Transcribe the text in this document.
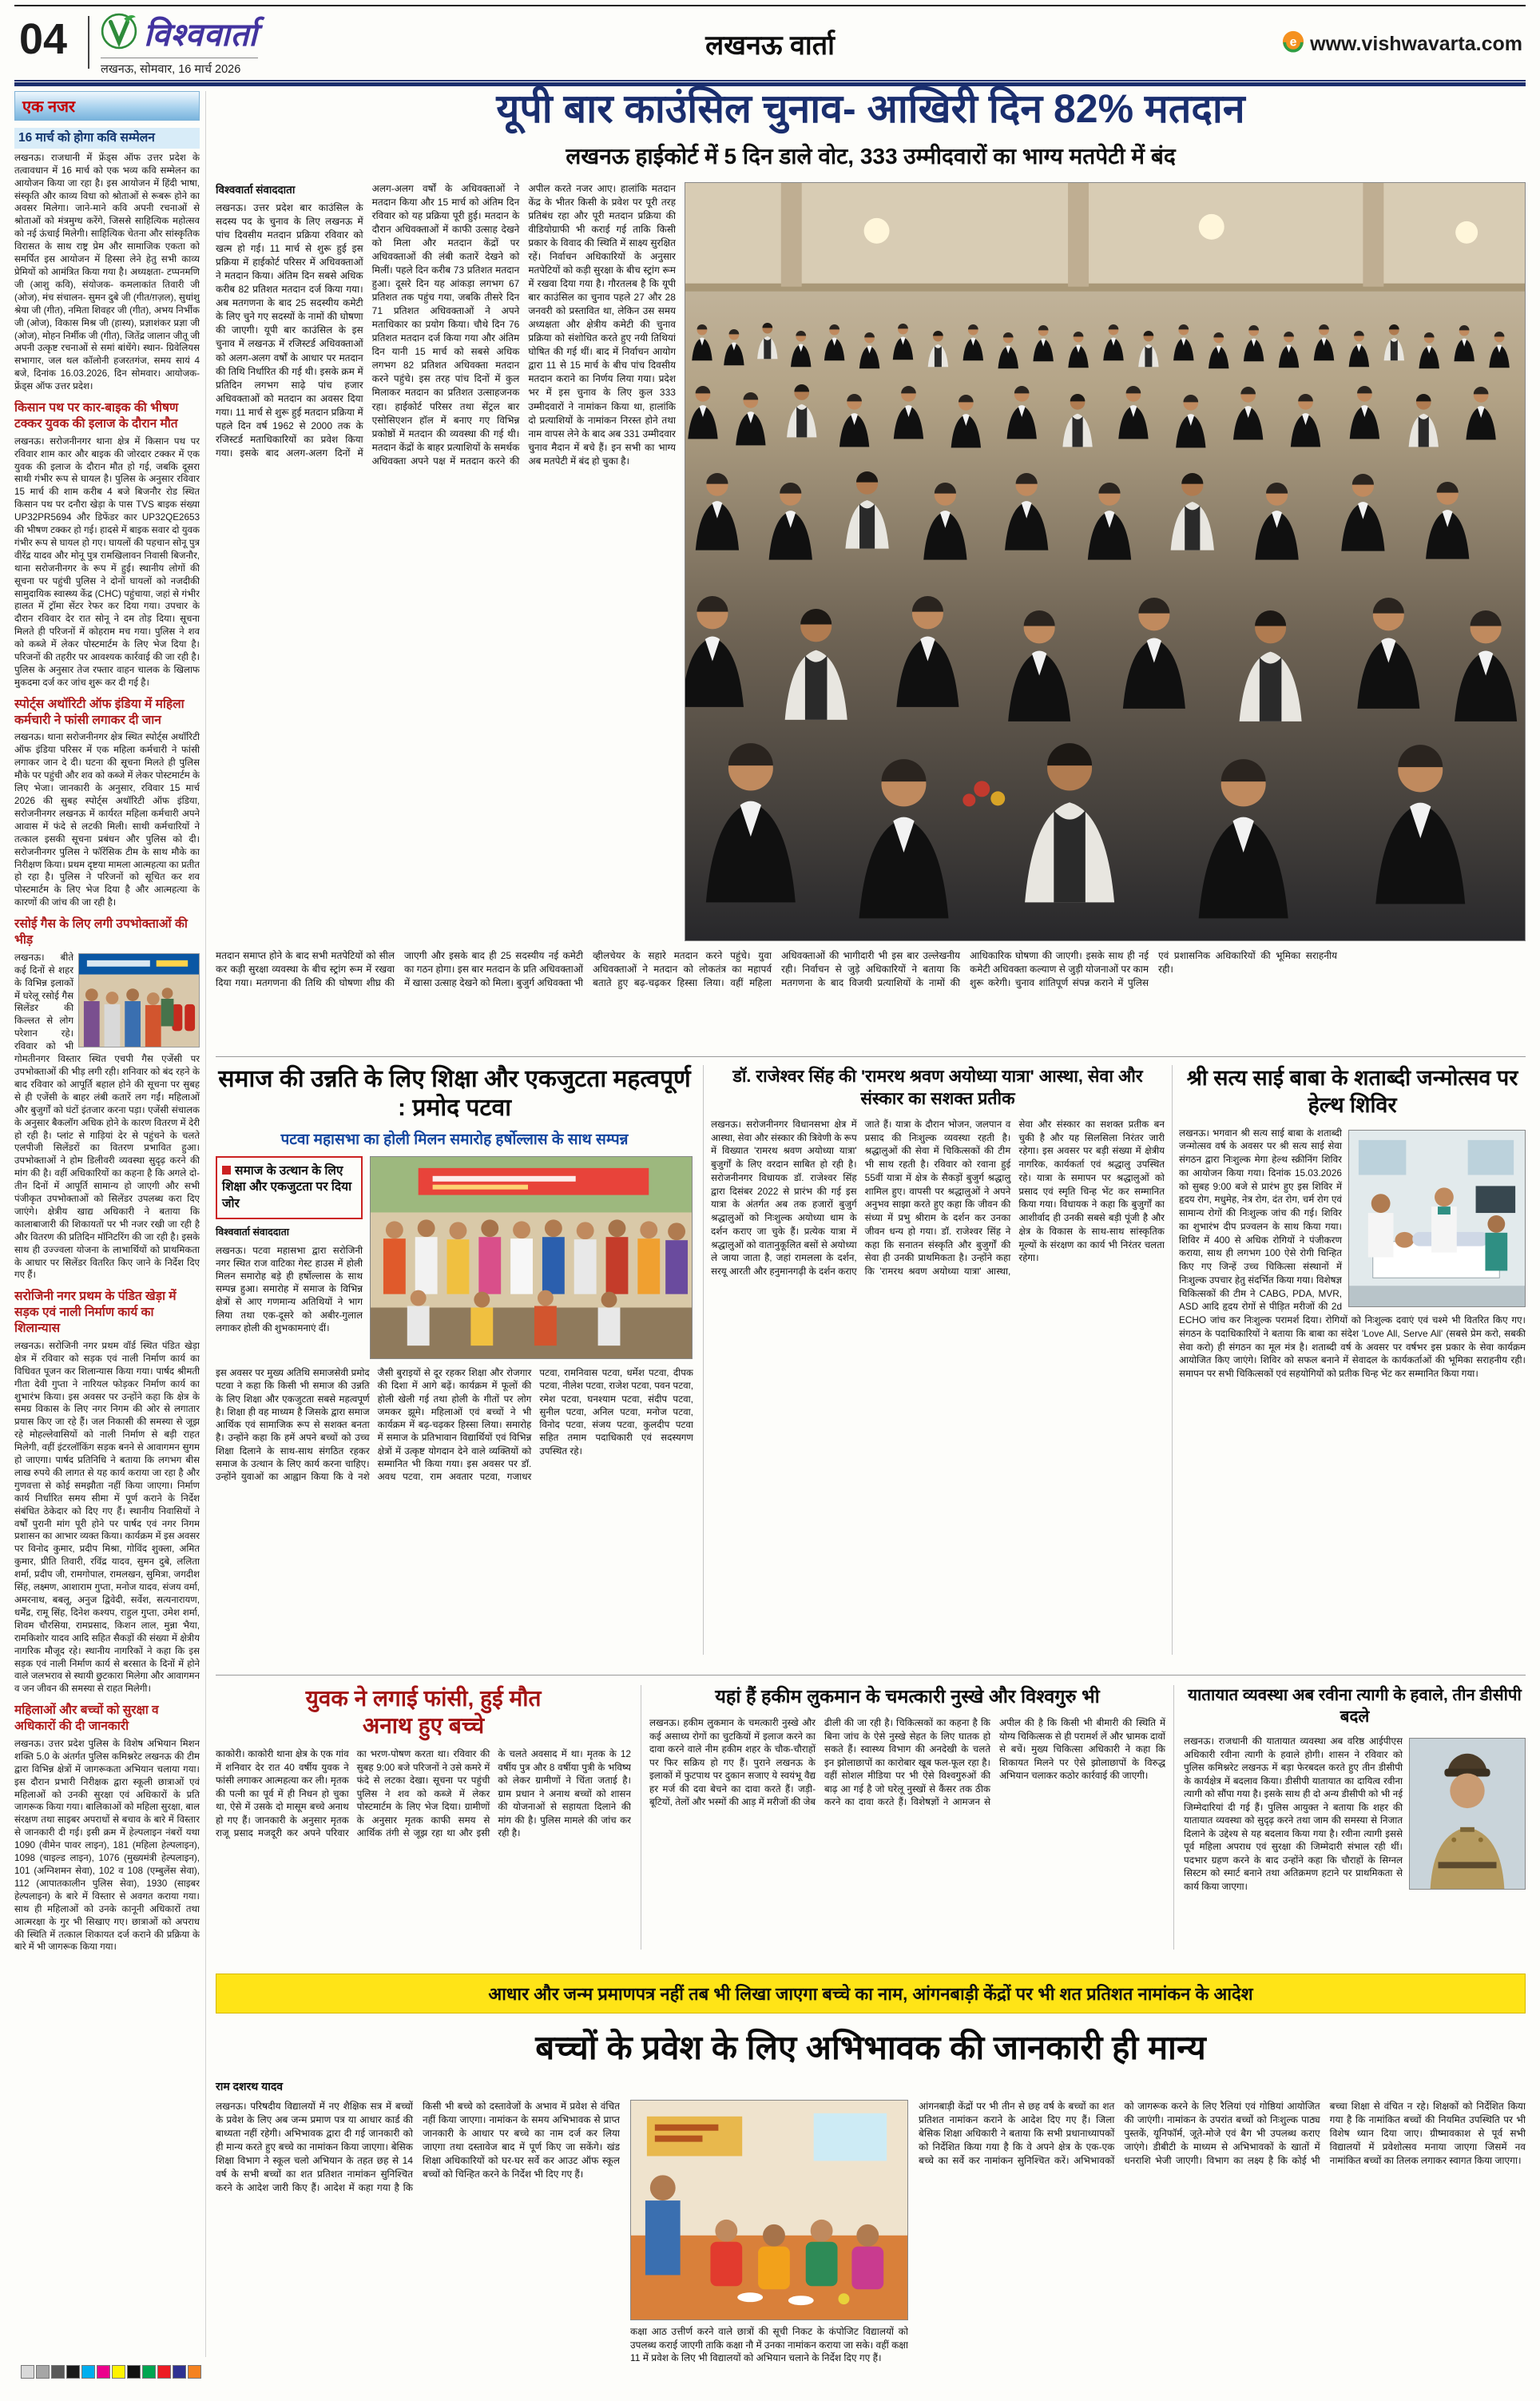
04 विश्ववार्ता
लखनऊ, सोमवार, 16 मार्च 2026
लखनऊ वार्ता	e www.vishwavarta.com
एक नजर
16 मार्च को होगा कवि सम्मेलन
लखनऊ। राजधानी में फ्रेंड्स ऑफ उत्तर प्रदेश के तत्वावधान में 16 मार्च को एक भव्य कवि सम्मेलन का आयोजन किया जा रहा है। इस आयोजन में हिंदी भाषा, संस्कृति और काव्य विधा को श्रोताओं से रूबरू होने का अवसर मिलेगा। जाने-माने कवि अपनी रचनाओं से श्रोताओं को मंत्रमुग्ध करेंगे, जिससे साहित्यिक महोत्सव को नई ऊंचाई मिलेगी। साहित्यिक चेतना और सांस्कृतिक विरासत के साथ राष्ट्र प्रेम और सामाजिक एकता को समर्पित इस आयोजन में हिस्सा लेने हेतु सभी काव्य प्रेमियों को आमंत्रित किया गया है। अध्यक्षता- टप्पनमणि जी (आशु कवि), संयोजक- कमलाकांत तिवारी जी (ओज), मंच संचालन- सुमन दुबे जी (गीत/ग़ज़ल), सुधांशु श्रेया जी (गीत), नमिता शिवहर जी (गीत), अभय निर्भीक जी (ओज), विकास मिश्र जी (हास्य), प्रज्ञाशंकर प्रज्ञा जी (ओज), मोहन निर्मीक जी (गीत), जितेंद्र जालान जीतू जी अपनी उत्कृष्ट रचनाओं से समां बांधेंगे। स्थान- ग्रिवेलियस सभागार, जल थल कॉलोनी हजरतगंज, समय सायं 4 बजे, दिनांक 16.03.2026, दिन सोमवार। आयोजक- फ्रेंड्स ऑफ उत्तर प्रदेश।
किसान पथ पर कार-बाइक की भीषण टक्कर युवक की इलाज के दौरान मौत
लखनऊ। सरोजनीनगर थाना क्षेत्र में किसान पथ पर रविवार शाम कार और बाइक की जोरदार टक्कर में एक युवक की इलाज के दौरान मौत हो गई, जबकि दूसरा साथी गंभीर रूप से घायल है। पुलिस के अनुसार रविवार 15 मार्च की शाम करीब 4 बजे बिजनौर रोड स्थित किसान पथ पर दनौरा खेड़ा के पास TVS बाइक संख्या UP32PR5694 और डिफेंडर कार UP32QE2653 की भीषण टक्कर हो गई। हादसे में बाइक सवार दो युवक गंभीर रूप से घायल हो गए। घायलों की पहचान सोनू पुत्र वीरेंद्र यादव और मोनू पुत्र रामखिलावन निवासी बिजनौर, थाना सरोजनीनगर के रूप में हुई। स्थानीय लोगों की सूचना पर पहुंची पुलिस ने दोनों घायलों को नजदीकी सामुदायिक स्वास्थ्य केंद्र (CHC) पहुंचाया, जहां से गंभीर हालत में ट्रॉमा सेंटर रेफर कर दिया गया। उपचार के दौरान रविवार देर रात सोनू ने दम तोड़ दिया। सूचना मिलते ही परिजनों में कोहराम मच गया। पुलिस ने शव को कब्जे में लेकर पोस्टमार्टम के लिए भेज दिया है। परिजनों की तहरीर पर आवश्यक कार्रवाई की जा रही है। पुलिस के अनुसार तेज रफ्तार वाहन चालक के खिलाफ मुकदमा दर्ज कर जांच शुरू कर दी गई है।
स्पोर्ट्स अथॉरिटी ऑफ इंडिया में महिला कर्मचारी ने फांसी लगाकर दी जान
लखनऊ। थाना सरोजनीनगर क्षेत्र स्थित स्पोर्ट्स अथॉरिटी ऑफ इंडिया परिसर में एक महिला कर्मचारी ने फांसी लगाकर जान दे दी। घटना की सूचना मिलते ही पुलिस मौके पर पहुंची और शव को कब्जे में लेकर पोस्टमार्टम के लिए भेजा। जानकारी के अनुसार, रविवार 15 मार्च 2026 की सुबह स्पोर्ट्स अथॉरिटी ऑफ इंडिया, सरोजनीनगर लखनऊ में कार्यरत महिला कर्मचारी अपने आवास में फंदे से लटकी मिली। साथी कर्मचारियों ने तत्काल इसकी सूचना प्रबंधन और पुलिस को दी। सरोजनीनगर पुलिस ने फॉरेंसिक टीम के साथ मौके का निरीक्षण किया। प्रथम दृष्टया मामला आत्महत्या का प्रतीत हो रहा है। पुलिस ने परिजनों को सूचित कर शव पोस्टमार्टम के लिए भेज दिया है और आत्महत्या के कारणों की जांच की जा रही है।
रसोई गैस के लिए लगी उपभोक्ताओं की भीड़
लखनऊ। बीते कई दिनों से शहर के विभिन्न इलाकों में घरेलू रसोई गैस सिलेंडर की किल्लत से लोग परेशान रहे। रविवार को भी गोमतीनगर विस्तार स्थित एचपी गैस एजेंसी पर उपभोक्ताओं की भीड़ लगी रही। शनिवार को बंद रहने के बाद रविवार को आपूर्ति बहाल होने की सूचना पर सुबह से ही एजेंसी के बाहर लंबी कतारें लग गईं। महिलाओं और बुजुर्गों को घंटों इंतजार करना पड़ा। एजेंसी संचालक के अनुसार बैकलॉग अधिक होने के कारण वितरण में देरी हो रही है। प्लांट से गाड़ियां देर से पहुंचने के चलते एलपीजी सिलेंडरों का वितरण प्रभावित हुआ। उपभोक्ताओं ने होम डिलीवरी व्यवस्था सुदृढ़ करने की मांग की है। वहीं अधिकारियों का कहना है कि अगले दो-तीन दिनों में आपूर्ति सामान्य हो जाएगी और सभी पंजीकृत उपभोक्ताओं को सिलेंडर उपलब्ध करा दिए जाएंगे। क्षेत्रीय खाद्य अधिकारी ने बताया कि कालाबाजारी की शिकायतों पर भी नजर रखी जा रही है और वितरण की प्रतिदिन मॉनिटरिंग की जा रही है। इसके साथ ही उज्ज्व‍ला योजना के लाभार्थियों को प्राथमिकता के आधार पर सिलेंडर वितरित किए जाने के निर्देश दिए गए हैं।
सरोजिनी नगर प्रथम के पंडित खेड़ा में सड़क एवं नाली निर्माण कार्य का शिलान्यास
लखनऊ। सरोजिनी नगर प्रथम वॉर्ड स्थित पंडित खेड़ा क्षेत्र में रविवार को सड़क एवं नाली निर्माण कार्य का विधिवत पूजन कर शिलान्यास किया गया। पार्षद श्रीमती गीता देवी गुप्ता ने नारियल फोड़कर निर्माण कार्य का शुभारंभ किया। इस अवसर पर उन्होंने कहा कि क्षेत्र के समग्र विकास के लिए नगर निगम की ओर से लगातार प्रयास किए जा रहे हैं। जल निकासी की समस्या से जूझ रहे मोहल्लेवासियों को नाली निर्माण से बड़ी राहत मिलेगी, वहीं इंटरलॉकिंग सड़क बनने से आवागमन सुगम हो जाएगा। पार्षद प्रतिनिधि ने बताया कि लगभग बीस लाख रुपये की लागत से यह कार्य कराया जा रहा है और गुणवत्ता से कोई समझौता नहीं किया जाएगा। निर्माण कार्य निर्धारित समय सीमा में पूर्ण कराने के निर्देश संबंधित ठेकेदार को दिए गए हैं। स्थानीय निवासियों ने वर्षों पुरानी मांग पूरी होने पर पार्षद एवं नगर निगम प्रशासन का आभार व्यक्त किया। कार्यक्रम में इस अवसर पर विनोद कुमार, प्रदीप मिश्रा, गोविंद शुक्ला, अमित कुमार, प्रीति तिवारी, रविंद्र यादव, सुमन दुबे, ललिता शर्मा, प्रदीप जी, रामगोपाल, रामलखन, सुमित्रा, जगदीश सिंह, लक्ष्मण, आशाराम गुप्ता, मनोज यादव, संजय वर्मा, अमरनाथ, बबलू, अनुज द्विवेदी, सर्वेश, सत्यनारायण, धर्मेंद्र, रामू सिंह, दिनेश कश्यप, राहुल गुप्ता, उमेश शर्मा, शिवम चौरसिया, रामप्रसाद, किशन लाल, मुन्ना भैया, रामकिशोर यादव आदि सहित सैकड़ों की संख्या में क्षेत्रीय नागरिक मौजूद रहे। स्थानीय नागरिकों ने कहा कि इस सड़क एवं नाली निर्माण कार्य से बरसात के दिनों में होने वाले जलभराव से स्थायी छुटकारा मिलेगा और आवागमन व जन जीवन की समस्या से राहत मिलेगी।
महिलाओं और बच्चों को सुरक्षा व अधिकारों की दी जानकारी
लखनऊ। उत्तर प्रदेश पुलिस के विशेष अभियान मिशन शक्ति 5.0 के अंतर्गत पुलिस कमिश्नरेट लखनऊ की टीम द्वारा विभिन्न क्षेत्रों में जागरूकता अभियान चलाया गया। इस दौरान प्रभारी निरीक्षक द्वारा स्कूली छात्राओं एवं महिलाओं को उनकी सुरक्षा एवं अधिकारों के प्रति जागरूक किया गया। बालिकाओं को महिला सुरक्षा, बाल संरक्षण तथा साइबर अपराधों से बचाव के बारे में विस्तार से जानकारी दी गई। इसी क्रम में हेल्पलाइन नंबरों यथा 1090 (वीमेन पावर लाइन), 181 (महिला हेल्पलाइन), 1098 (चाइल्ड लाइन), 1076 (मुख्यमंत्री हेल्पलाइन), 101 (अग्निशमन सेवा), 102 व 108 (एम्बुलेंस सेवा), 112 (आपातकालीन पुलिस सेवा), 1930 (साइबर हेल्पलाइन) के बारे में विस्तार से अवगत कराया गया। साथ ही महिलाओं को उनके कानूनी अधिकारों तथा आत्मरक्षा के गुर भी सिखाए गए। छात्राओं को अपराध की स्थिति में तत्काल शिकायत दर्ज कराने की प्रक्रिया के बारे में भी जागरूक किया गया।
यूपी बार काउंसिल चुनाव- आखिरी दिन 82% मतदान
लखनऊ हाईकोर्ट में 5 दिन डाले वोट, 333 उम्मीदवारों का भाग्य मतपेटी में बंद
विश्ववार्ता संवाददाता
लखनऊ। उत्तर प्रदेश बार काउंसिल के सदस्य पद के चुनाव के लिए लखनऊ में पांच दिवसीय मतदान प्रक्रिया रविवार को खत्म हो गई। 11 मार्च से शुरू हुई इस प्रक्रिया में हाईकोर्ट परिसर में अधिवक्ताओं ने मतदान किया। अंतिम दिन सबसे अधिक करीब 82 प्रतिशत मतदान दर्ज किया गया। अब मतगणना के बाद 25 सदस्यीय कमेटी के लिए चुने गए सदस्यों के नामों की घोषणा की जाएगी। यूपी बार काउंसिल के इस चुनाव में लखनऊ में रजिस्टर्ड अधिवक्ताओं को अलग-अलग वर्षों के आधार पर मतदान की तिथि निर्धारित की गई थी। इसके क्रम में प्रतिदिन लगभग साढ़े पांच हजार अधिवक्ताओं को मतदान का अवसर दिया गया। 11 मार्च से शुरू हुई मतदान प्रक्रिया में पहले दिन वर्ष 1962 से 2000 तक के रजिस्टर्ड मताधिकारियों का प्रवेश किया गया। इसके बाद अलग-अलग दिनों में अलग-अलग वर्षों के अधिवक्ताओं ने मतदान किया और 15 मार्च को अंतिम दिन रविवार को यह प्रक्रिया पूरी हुई। मतदान के दौरान अधिवक्ताओं में काफी उत्साह देखने को मिला और मतदान केंद्रों पर अधिवक्ताओं की लंबी कतारें देखने को मिलीं। पहले दिन करीब 73 प्रतिशत मतदान हुआ। दूसरे दिन यह आंकड़ा लगभग 67 प्रतिशत तक पहुंच गया, जबकि तीसरे दिन 71 प्रतिशत अधिवक्ताओं ने अपने मताधिकार का प्रयोग किया। चौथे दिन 76 प्रतिशत मतदान दर्ज किया गया और अंतिम दिन यानी 15 मार्च को सबसे अधिक लगभग 82 प्रतिशत अधिवक्ता मतदान करने पहुंचे। इस तरह पांच दिनों में कुल मिलाकर मतदान का प्रतिशत उत्साहजनक रहा। हाईकोर्ट परिसर तथा सेंट्रल बार एसोसिएशन हॉल में बनाए गए विभिन्न प्रकोष्ठों में मतदान की व्यवस्था की गई थी। मतदान केंद्रों के बाहर प्रत्याशियों के समर्थक अधिवक्ता अपने पक्ष में मतदान करने की अपील करते नजर आए। हालांकि मतदान केंद्र के भीतर किसी के प्रवेश पर पूरी तरह प्रतिबंध रहा और पूरी मतदान प्रक्रिया की वीडियोग्राफी भी कराई गई ताकि किसी प्रकार के विवाद की स्थिति में साक्ष्य सुरक्षित रहें। निर्वाचन अधिकारियों के अनुसार मतपेटियों को कड़ी सुरक्षा के बीच स्ट्रांग रूम में रखवा दिया गया है। गौरतलब है कि यूपी बार काउंसिल का चुनाव पहले 27 और 28 जनवरी को प्रस्तावित था, लेकिन उस समय अध्यक्षता और क्षेत्रीय कमेटी की चुनाव प्रक्रिया को संशोधित करते हुए नयी तिथियां घोषित की गई थीं। बाद में निर्वाचन आयोग द्वारा 11 से 15 मार्च के बीच पांच दिवसीय मतदान कराने का निर्णय लिया गया। प्रदेश भर में इस चुनाव के लिए कुल 333 उम्मीदवारों ने नामांकन किया था, हालांकि दो प्रत्याशियों के नामांकन निरस्त होने तथा नाम वापस लेने के बाद अब 331 उम्मीदवार चुनाव मैदान में बचे हैं। इन सभी का भाग्य अब मतपेटी में बंद हो चुका है।
मतदान समाप्त होने के बाद सभी मतपेटियों को सील कर कड़ी सुरक्षा व्यवस्था के बीच स्ट्रांग रूम में रखवा दिया गया। मतगणना की तिथि की घोषणा शीघ्र की जाएगी और इसके बाद ही 25 सदस्यीय नई कमेटी का गठन होगा। इस बार मतदान के प्रति अधिवक्ताओं में खासा उत्साह देखने को मिला। बुजुर्ग अधिवक्ता भी व्हीलचेयर के सहारे मतदान करने पहुंचे। युवा अधिवक्ताओं ने मतदान को लोकतंत्र का महापर्व बताते हुए बढ़-चढ़कर हिस्सा लिया। वहीं महिला अधिवक्ताओं की भागीदारी भी इस बार उल्लेखनीय रही। निर्वाचन से जुड़े अधिकारियों ने बताया कि मतगणना के बाद विजयी प्रत्याशियों के नामों की आधिकारिक घोषणा की जाएगी। इसके साथ ही नई कमेटी अधिवक्ता कल्याण से जुड़ी योजनाओं पर काम शुरू करेगी। चुनाव शांतिपूर्ण संपन्न कराने में पुलिस एवं प्रशासनिक अधिकारियों की भूमिका सराहनीय रही।
समाज की उन्नति के लिए शिक्षा और एकजुटता महत्वपूर्ण : प्रमोद पटवा
पटवा महासभा का होली मिलन समारोह हर्षोल्लास के साथ सम्पन्न
समाज के उत्थान के लिए शिक्षा और एकजुटता पर दिया जोर
विश्ववार्ता संवाददाता
लखनऊ। पटवा महासभा द्वारा सरोजिनी नगर स्थित राज वाटिका गेस्ट हाउस में होली मिलन समारोह बड़े ही हर्षोल्लास के साथ सम्पन्न हुआ। समारोह में समाज के विभिन्न क्षेत्रों से आए गणमान्य अतिथियों ने भाग लिया तथा एक-दूसरे को अबीर-गुलाल लगाकर होली की शुभकामनाएं दीं।
इस अवसर पर मुख्य अतिथि समाजसेवी प्रमोद पटवा ने कहा कि किसी भी समाज की उन्नति के लिए शिक्षा और एकजुटता सबसे महत्वपूर्ण है। शिक्षा ही वह माध्यम है जिसके द्वारा समाज आर्थिक एवं सामाजिक रूप से सशक्त बनता है। उन्होंने कहा कि हमें अपने बच्चों को उच्च शिक्षा दिलाने के साथ-साथ संगठित रहकर समाज के उत्थान के लिए कार्य करना चाहिए। उन्होंने युवाओं का आह्वान किया कि वे नशे जैसी बुराइयों से दूर रहकर शिक्षा और रोजगार की दिशा में आगे बढ़ें। कार्यक्रम में फूलों की होली खेली गई तथा होली के गीतों पर लोग जमकर झूमे। महिलाओं एवं बच्चों ने भी कार्यक्रम में बढ़-चढ़कर हिस्सा लिया। समारोह में समाज के प्रतिभावान विद्यार्थियों एवं विभिन्न क्षेत्रों में उत्कृष्ट योगदान देने वाले व्यक्तियों को सम्मानित भी किया गया। इस अवसर पर डॉ. अवध पटवा, राम अवतार पटवा, गजाधर पटवा, रामनिवास पटवा, धर्मेश पटवा, दीपक पटवा, नीलेश पटवा, राजेश पटवा, पवन पटवा, रमेश पटवा, घनश्याम पटवा, संदीप पटवा, सुनील पटवा, अनिल पटवा, मनोज पटवा, विनोद पटवा, संजय पटवा, कुलदीप पटवा सहित तमाम पदाधिकारी एवं सदस्यगण उपस्थित रहे।
डॉ. राजेश्वर सिंह की 'रामरथ श्रवण अयोध्या यात्रा' आस्था, सेवा और संस्कार का सशक्त प्रतीक
लखनऊ। सरोजनीनगर विधानसभा क्षेत्र में आस्था, सेवा और संस्कार की त्रिवेणी के रूप में विख्यात 'रामरथ श्रवण अयोध्या यात्रा' बुजुर्गों के लिए वरदान साबित हो रही है। सरोजनीनगर विधायक डॉ. राजेश्वर सिंह द्वारा दिसंबर 2022 से प्रारंभ की गई इस यात्रा के अंतर्गत अब तक हजारों बुजुर्ग श्रद्धालुओं को निःशुल्क अयोध्या धाम के दर्शन कराए जा चुके हैं। प्रत्येक यात्रा में श्रद्धालुओं को वातानुकूलित बसों से अयोध्या ले जाया जाता है, जहां रामलला के दर्शन, सरयू आरती और हनुमानगढ़ी के दर्शन कराए जाते हैं। यात्रा के दौरान भोजन, जलपान व प्रसाद की निःशुल्क व्यवस्था रहती है। श्रद्धालुओं की सेवा में चिकित्सकों की टीम भी साथ रहती है। रविवार को रवाना हुई 55वीं यात्रा में क्षेत्र के सैकड़ों बुजुर्ग श्रद्धालु शामिल हुए। वापसी पर श्रद्धालुओं ने अपने अनुभव साझा करते हुए कहा कि जीवन की संध्या में प्रभु श्रीराम के दर्शन कर उनका जीवन धन्य हो गया। डॉ. राजेश्वर सिंह ने कहा कि सनातन संस्कृति और बुजुर्गों की सेवा ही उनकी प्राथमिकता है। उन्होंने कहा कि 'रामरथ श्रवण अयोध्या यात्रा' आस्था, सेवा और संस्कार का सशक्त प्रतीक बन चुकी है और यह सिलसिला निरंतर जारी रहेगा। इस अवसर पर बड़ी संख्या में क्षेत्रीय नागरिक, कार्यकर्ता एवं श्रद्धालु उपस्थित रहे। यात्रा के समापन पर श्रद्धालुओं को प्रसाद एवं स्मृति चिन्ह भेंट कर सम्मानित किया गया। विधायक ने कहा कि बुजुर्गों का आशीर्वाद ही उनकी सबसे बड़ी पूंजी है और क्षेत्र के विकास के साथ-साथ सांस्कृतिक मूल्यों के संरक्षण का कार्य भी निरंतर चलता रहेगा।
श्री सत्य साई बाबा के शताब्दी जन्मोत्सव पर हेल्थ शिविर
लखनऊ। भगवान श्री सत्य साई बाबा के शताब्दी जन्मोत्सव वर्ष के अवसर पर श्री सत्य साई सेवा संगठन द्वारा निःशुल्क मेगा हेल्थ स्क्रीनिंग शिविर का आयोजन किया गया। दिनांक 15.03.2026 को सुबह 9:00 बजे से प्रारंभ हुए इस शिविर में हृदय रोग, मधुमेह, नेत्र रोग, दंत रोग, चर्म रोग एवं सामान्य रोगों की निःशुल्क जांच की गई। शिविर का शुभारंभ दीप प्रज्वलन के साथ किया गया। शिविर में 400 से अधिक रोगियों ने पंजीकरण कराया, साथ ही लगभग 100 ऐसे रोगी चिन्हित किए गए जिन्हें उच्च चिकित्सा संस्थानों में निःशुल्क उपचार हेतु संदर्भित किया गया। विशेषज्ञ चिकित्सकों की टीम ने CABG, PDA, MVR, ASD आदि हृदय रोगों से पीड़ित मरीजों की 2d ECHO जांच कर निःशुल्क परामर्श दिया। रोगियों को निःशुल्क दवाएं एवं चश्मे भी वितरित किए गए। संगठन के पदाधिकारियों ने बताया कि बाबा का संदेश 'Love All, Serve All' (सबसे प्रेम करो, सबकी सेवा करो) ही संगठन का मूल मंत्र है। शताब्दी वर्ष के अवसर पर वर्षभर इस प्रकार के सेवा कार्यक्रम आयोजित किए जाएंगे। शिविर को सफल बनाने में सेवादल के कार्यकर्ताओं की भूमिका सराहनीय रही। समापन पर सभी चिकित्सकों एवं सहयोगियों को प्रतीक चिन्ह भेंट कर सम्मानित किया गया।
युवक ने लगाई फांसी, हुई मौत
अनाथ हुए बच्चे
काकोरी। काकोरी थाना क्षेत्र के एक गांव में शनिवार देर रात 40 वर्षीय युवक ने फांसी लगाकर आत्महत्या कर ली। मृतक की पत्नी का पूर्व में ही निधन हो चुका था, ऐसे में उसके दो मासूम बच्चे अनाथ हो गए हैं। जानकारी के अनुसार मृतक राजू प्रसाद मजदूरी कर अपने परिवार का भरण-पोषण करता था। रविवार की सुबह 9:00 बजे परिजनों ने उसे कमरे में फंदे से लटका देखा। सूचना पर पहुंची पुलिस ने शव को कब्जे में लेकर पोस्टमार्टम के लिए भेज दिया। ग्रामीणों के अनुसार मृतक काफी समय से आर्थिक तंगी से जूझ रहा था और इसी के चलते अवसाद में था। मृतक के 12 वर्षीय पुत्र और 8 वर्षीया पुत्री के भविष्य को लेकर ग्रामीणों ने चिंता जताई है। ग्राम प्रधान ने अनाथ बच्चों को शासन की योजनाओं से सहायता दिलाने की मांग की है। पुलिस मामले की जांच कर रही है।
यहां हैं हकीम लुकमान के चमत्कारी नुस्खे और विश्वगुरु भी
लखनऊ। हकीम लुकमान के चमत्कारी नुस्खे और कई असाध्य रोगों का चुटकियों में इलाज करने का दावा करने वाले नीम हकीम शहर के चौक-चौराहों पर फिर सक्रिय हो गए हैं। पुराने लखनऊ के इलाकों में फुटपाथ पर दुकान सजाए ये स्वयंभू वैद्य हर मर्ज की दवा बेचने का दावा करते हैं। जड़ी-बूटियों, तेलों और भस्मों की आड़ में मरीजों की जेब ढीली की जा रही है। चिकित्सकों का कहना है कि बिना जांच के ऐसे नुस्खे सेहत के लिए घातक हो सकते हैं। स्वास्थ्य विभाग की अनदेखी के चलते इन झोलाछापों का कारोबार खूब फल-फूल रहा है। वहीं सोशल मीडिया पर भी ऐसे विश्वगुरुओं की बाढ़ आ गई है जो घरेलू नुस्खों से कैंसर तक ठीक करने का दावा करते हैं। विशेषज्ञों ने आमजन से अपील की है कि किसी भी बीमारी की स्थिति में योग्य चिकित्सक से ही परामर्श लें और भ्रामक दावों से बचें। मुख्य चिकित्सा अधिकारी ने कहा कि शिकायत मिलने पर ऐसे झोलाछापों के विरुद्ध अभियान चलाकर कठोर कार्रवाई की जाएगी।
यातायात व्यवस्था अब रवीना त्यागी के हवाले, तीन डीसीपी बदले
लखनऊ। राजधानी की यातायात व्यवस्था अब वरिष्ठ आईपीएस अधिकारी रवीना त्यागी के हवाले होगी। शासन ने रविवार को पुलिस कमिश्नरेट लखनऊ में बड़ा फेरबदल करते हुए तीन डीसीपी के कार्यक्षेत्र में बदलाव किया। डीसीपी यातायात का दायित्व रवीना त्यागी को सौंपा गया है। इसके साथ ही दो अन्य डीसीपी को भी नई जिम्मेदारियां दी गई हैं। पुलिस आयुक्त ने बताया कि शहर की यातायात व्यवस्था को सुदृढ़ करने तथा जाम की समस्या से निजात दिलाने के उद्देश्य से यह बदलाव किया गया है। रवीना त्यागी इससे पूर्व महिला अपराध एवं सुरक्षा की जिम्मेदारी संभाल रही थीं। पदभार ग्रहण करने के बाद उन्होंने कहा कि चौराहों के सिग्नल सिस्टम को स्मार्ट बनाने तथा अतिक्रमण हटाने पर प्राथमिकता से कार्य किया जाएगा।
आधार और जन्म प्रमाणपत्र नहीं तब भी लिखा जाएगा बच्चे का नाम, आंगनबाड़ी केंद्रों पर भी शत प्रतिशत नामांकन के आदेश
बच्चों के प्रवेश के लिए अभिभावक की जानकारी ही मान्य
राम दशरथ यादव
लखनऊ। परिषदीय विद्यालयों में नए शैक्षिक सत्र में बच्चों के प्रवेश के लिए अब जन्म प्रमाण पत्र या आधार कार्ड की बाध्यता नहीं रहेगी। अभिभावक द्वारा दी गई जानकारी को ही मान्य करते हुए बच्चे का नामांकन किया जाएगा। बेसिक शिक्षा विभाग ने स्कूल चलो अभियान के तहत छह से 14 वर्ष के सभी बच्चों का शत प्रतिशत नामांकन सुनिश्चित करने के आदेश जारी किए हैं। आदेश में कहा गया है कि किसी भी बच्चे को दस्तावेजों के अभाव में प्रवेश से वंचित नहीं किया जाएगा। नामांकन के समय अभिभावक से प्राप्त जानकारी के आधार पर बच्चे का नाम दर्ज कर लिया जाएगा तथा दस्तावेज बाद में पूर्ण किए जा सकेंगे। खंड शिक्षा अधिकारियों को घर-घर सर्वे कर आउट ऑफ स्कूल बच्चों को चिन्हित करने के निर्देश भी दिए गए हैं।
कक्षा आठ उत्तीर्ण करने वाले छात्रों की सूची निकट के कंपोजिट विद्यालयों को उपलब्ध कराई जाएगी ताकि कक्षा नौ में उनका नामांकन कराया जा सके। वहीं कक्षा 11 में प्रवेश के लिए भी विद्यालयों को अभियान चलाने के निर्देश दिए गए हैं।
आंगनबाड़ी केंद्रों पर भी तीन से छह वर्ष के बच्चों का शत प्रतिशत नामांकन कराने के आदेश दिए गए हैं। जिला बेसिक शिक्षा अधिकारी ने बताया कि सभी प्रधानाध्यापकों को निर्देशित किया गया है कि वे अपने क्षेत्र के एक-एक बच्चे का सर्वे कर नामांकन सुनिश्चित करें। अभिभावकों को जागरूक करने के लिए रैलियां एवं गोष्ठियां आयोजित की जाएंगी। नामांकन के उपरांत बच्चों को निःशुल्क पाठ्य पुस्तकें, यूनिफॉर्म, जूते-मोजे एवं बैग भी उपलब्ध कराए जाएंगे। डीबीटी के माध्यम से अभिभावकों के खातों में धनराशि भेजी जाएगी। विभाग का लक्ष्य है कि कोई भी बच्चा शिक्षा से वंचित न रहे। शिक्षकों को निर्देशित किया गया है कि नामांकित बच्चों की नियमित उपस्थिति पर भी विशेष ध्यान दिया जाए। ग्रीष्मावकाश से पूर्व सभी विद्यालयों में प्रवेशोत्सव मनाया जाएगा जिसमें नव नामांकित बच्चों का तिलक लगाकर स्वागत किया जाएगा।
